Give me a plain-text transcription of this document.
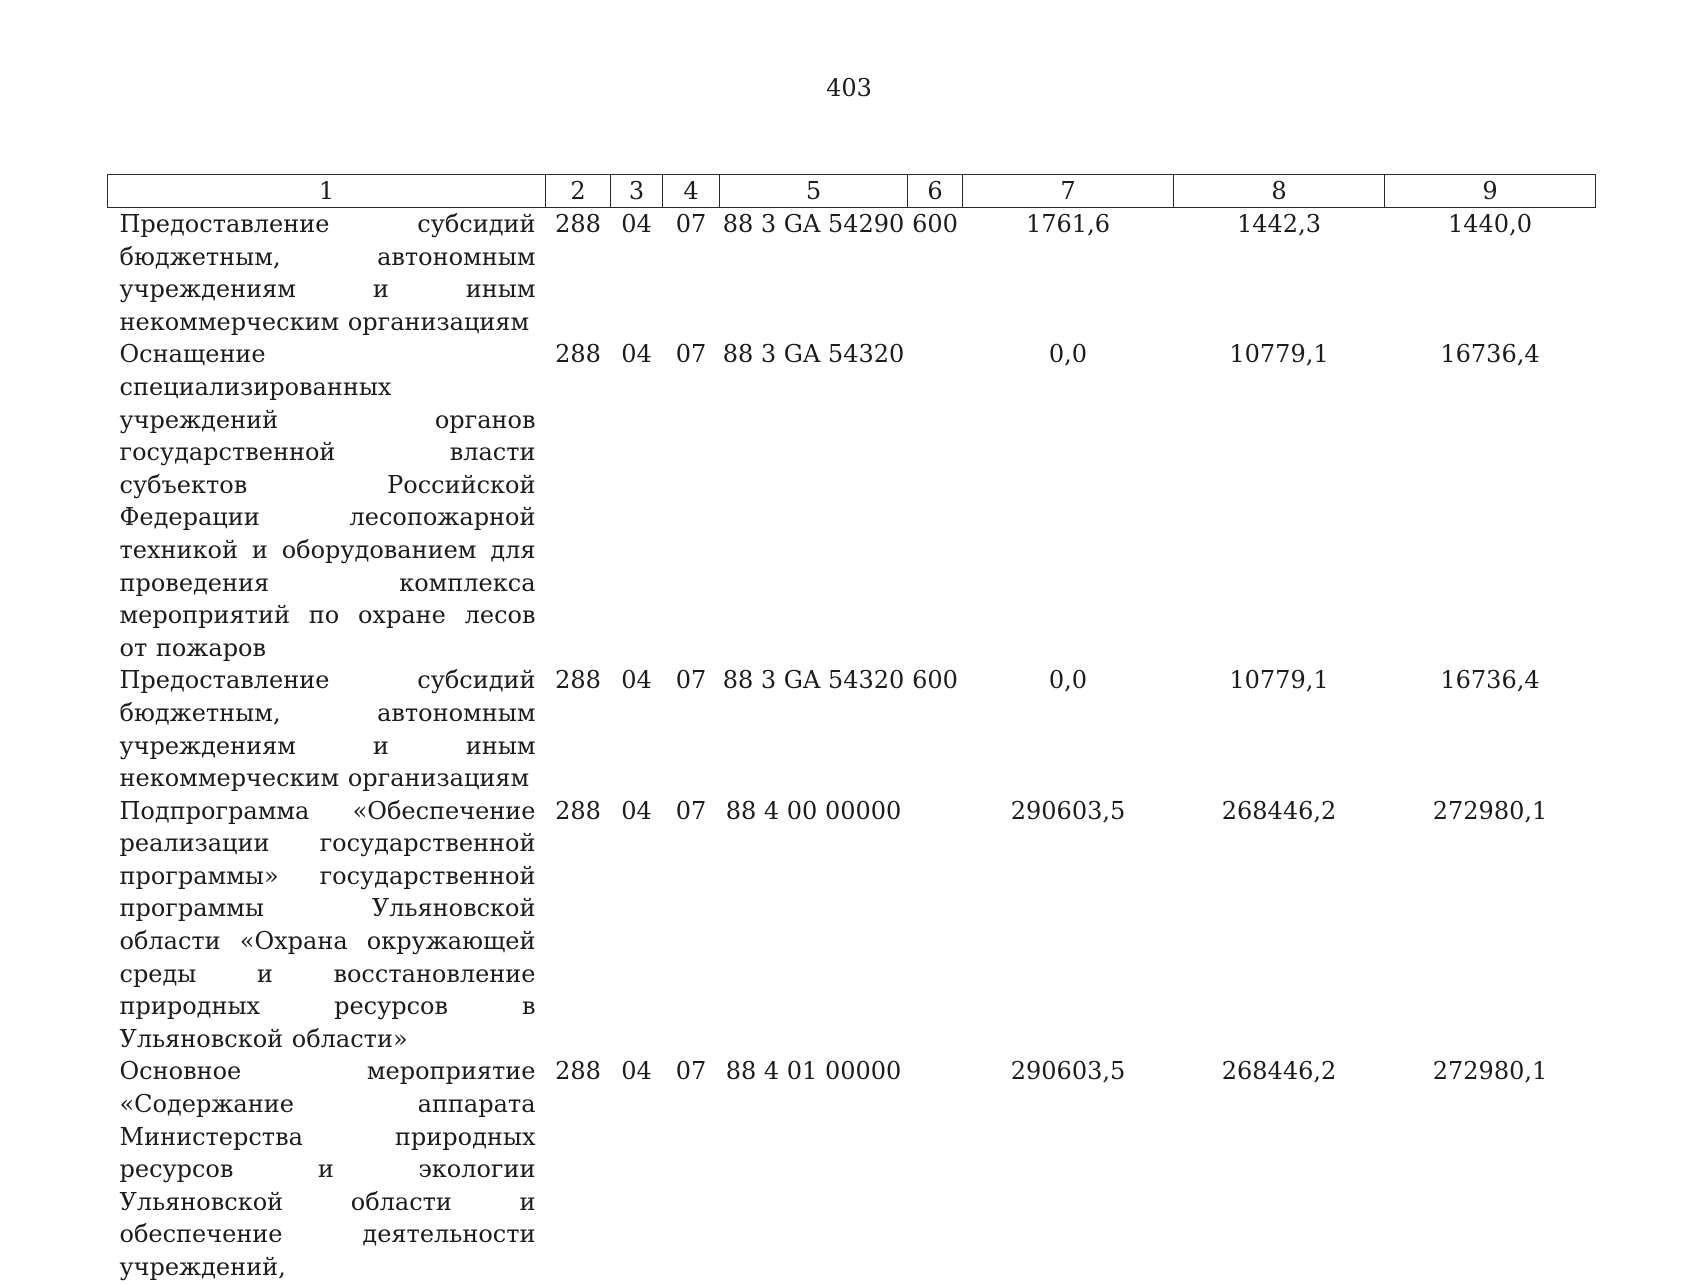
403
1	2	3	4	5	6	7	8	9
Предоставление субсидий бюджетным, автономным учреждениям и иным некоммерческим организациям	288	04	07	88 3 GA 54290	600	1761,6	1442,3	1440,0
Оснащение специализированных учреждений органов государственной власти субъектов Российской Федерации лесопожарной техникой и оборудованием для проведения комплекса мероприятий по охране лесов от пожаров	288	04	07	88 3 GA 54320		0,0	10779,1	16736,4
Предоставление субсидий бюджетным, автономным учреждениям и иным некоммерческим организациям	288	04	07	88 3 GA 54320	600	0,0	10779,1	16736,4
Подпрограмма «Обеспечение реализации государственной программы» государственной программы Ульяновской области «Охрана окружающей среды и восстановление природных ресурсов в Ульяновской области»	288	04	07	88 4 00 00000		290603,5	268446,2	272980,1
Основное мероприятие «Содержание аппарата Министерства природных ресурсов и экологии Ульяновской области и обеспечение деятельности учреждений,	288	04	07	88 4 01 00000		290603,5	268446,2	272980,1
